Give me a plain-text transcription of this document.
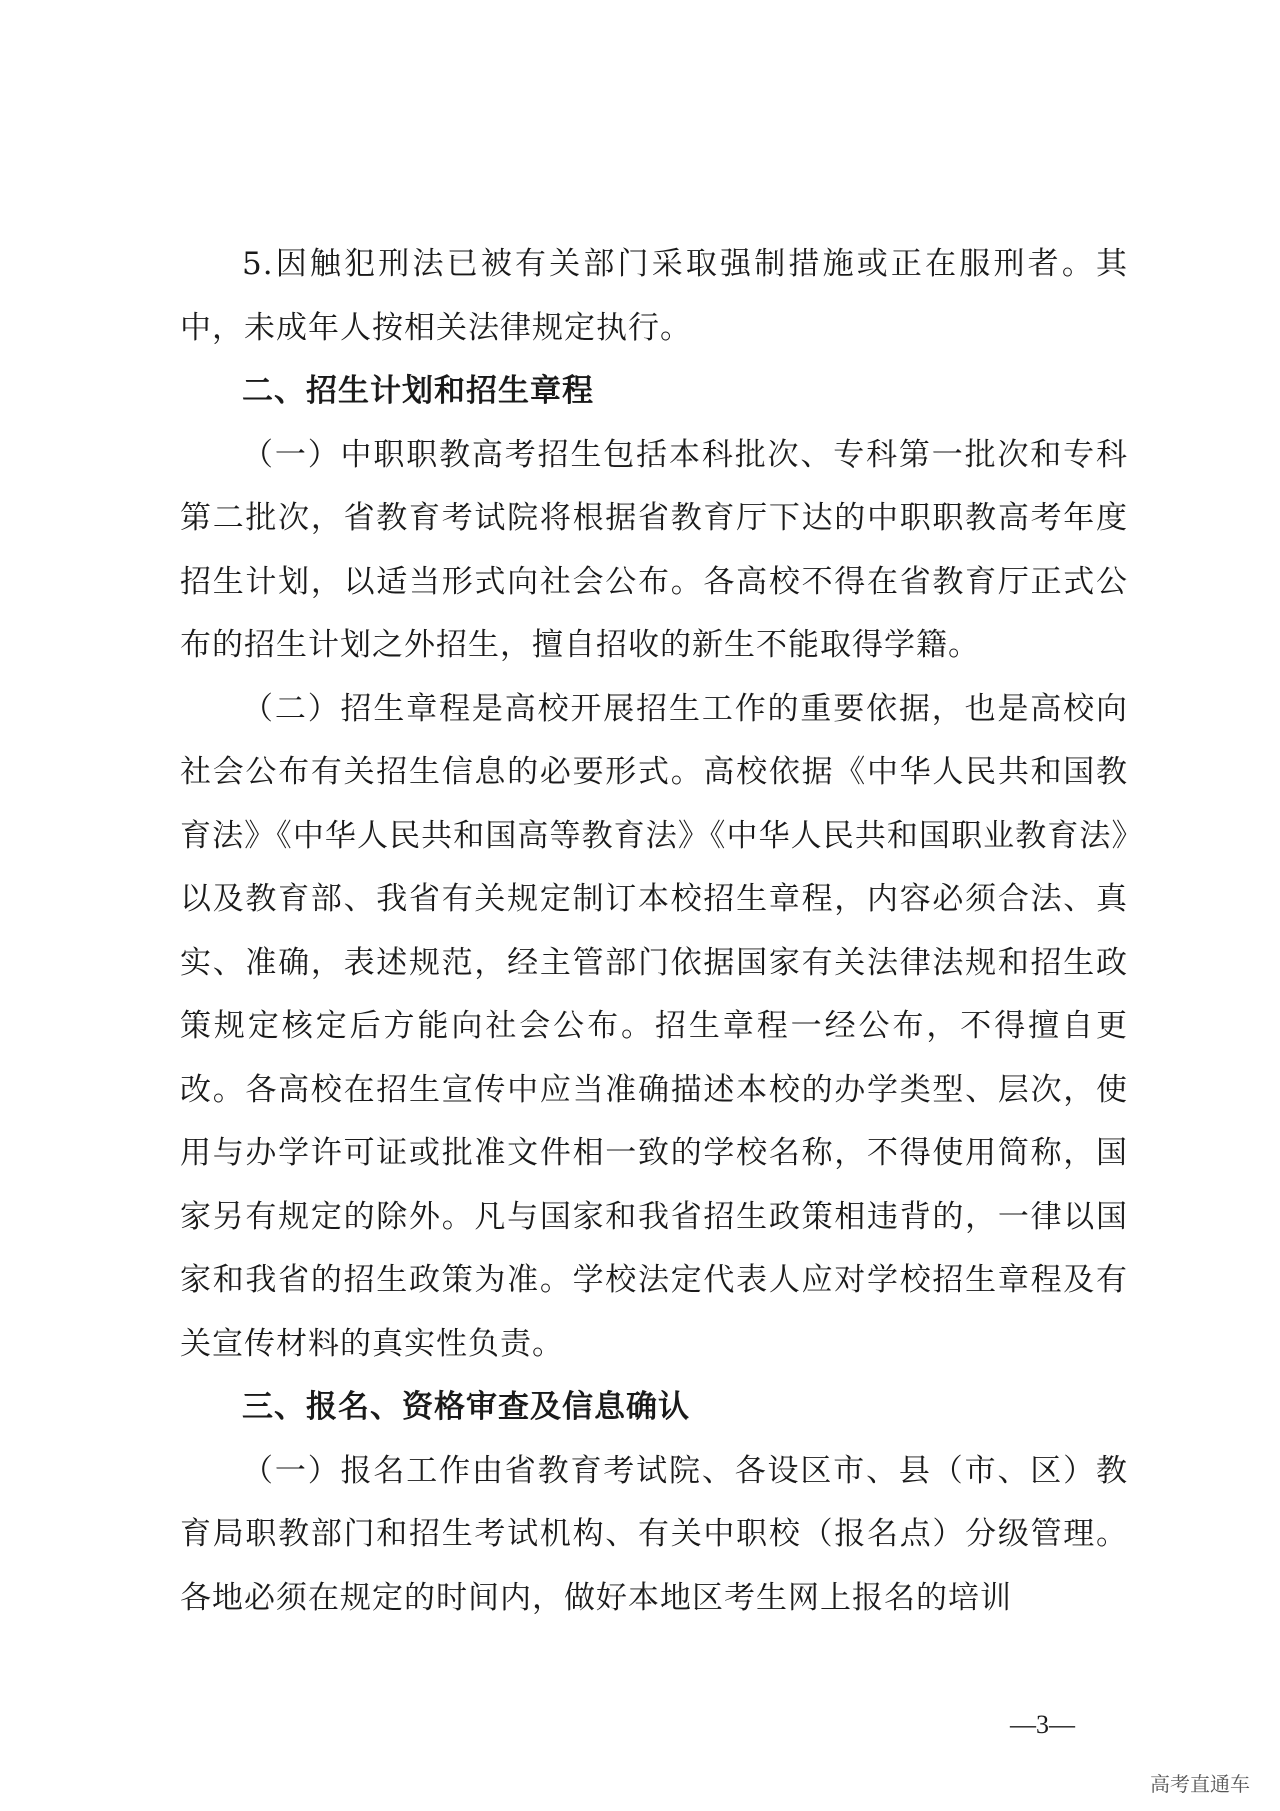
5.因触犯刑法已被有关部门采取强制措施或正在服刑者。其中，未成年人按相关法律规定执行。

二、招生计划和招生章程

（一）中职职教高考招生包括本科批次、专科第一批次和专科第二批次，省教育考试院将根据省教育厅下达的中职职教高考年度招生计划，以适当形式向社会公布。各高校不得在省教育厅正式公布的招生计划之外招生，擅自招收的新生不能取得学籍。

（二）招生章程是高校开展招生工作的重要依据，也是高校向社会公布有关招生信息的必要形式。高校依据《中华人民共和国教育法》《中华人民共和国高等教育法》《中华人民共和国职业教育法》以及教育部、我省有关规定制订本校招生章程，内容必须合法、真实、准确，表述规范，经主管部门依据国家有关法律法规和招生政策规定核定后方能向社会公布。招生章程一经公布，不得擅自更改。各高校在招生宣传中应当准确描述本校的办学类型、层次，使用与办学许可证或批准文件相一致的学校名称，不得使用简称，国家另有规定的除外。凡与国家和我省招生政策相违背的，一律以国家和我省的招生政策为准。学校法定代表人应对学校招生章程及有关宣传材料的真实性负责。

三、报名、资格审查及信息确认

（一）报名工作由省教育考试院、各设区市、县（市、区）教育局职教部门和招生考试机构、有关中职校（报名点）分级管理。各地必须在规定的时间内，做好本地区考生网上报名的培训

—3—
高考直通车
